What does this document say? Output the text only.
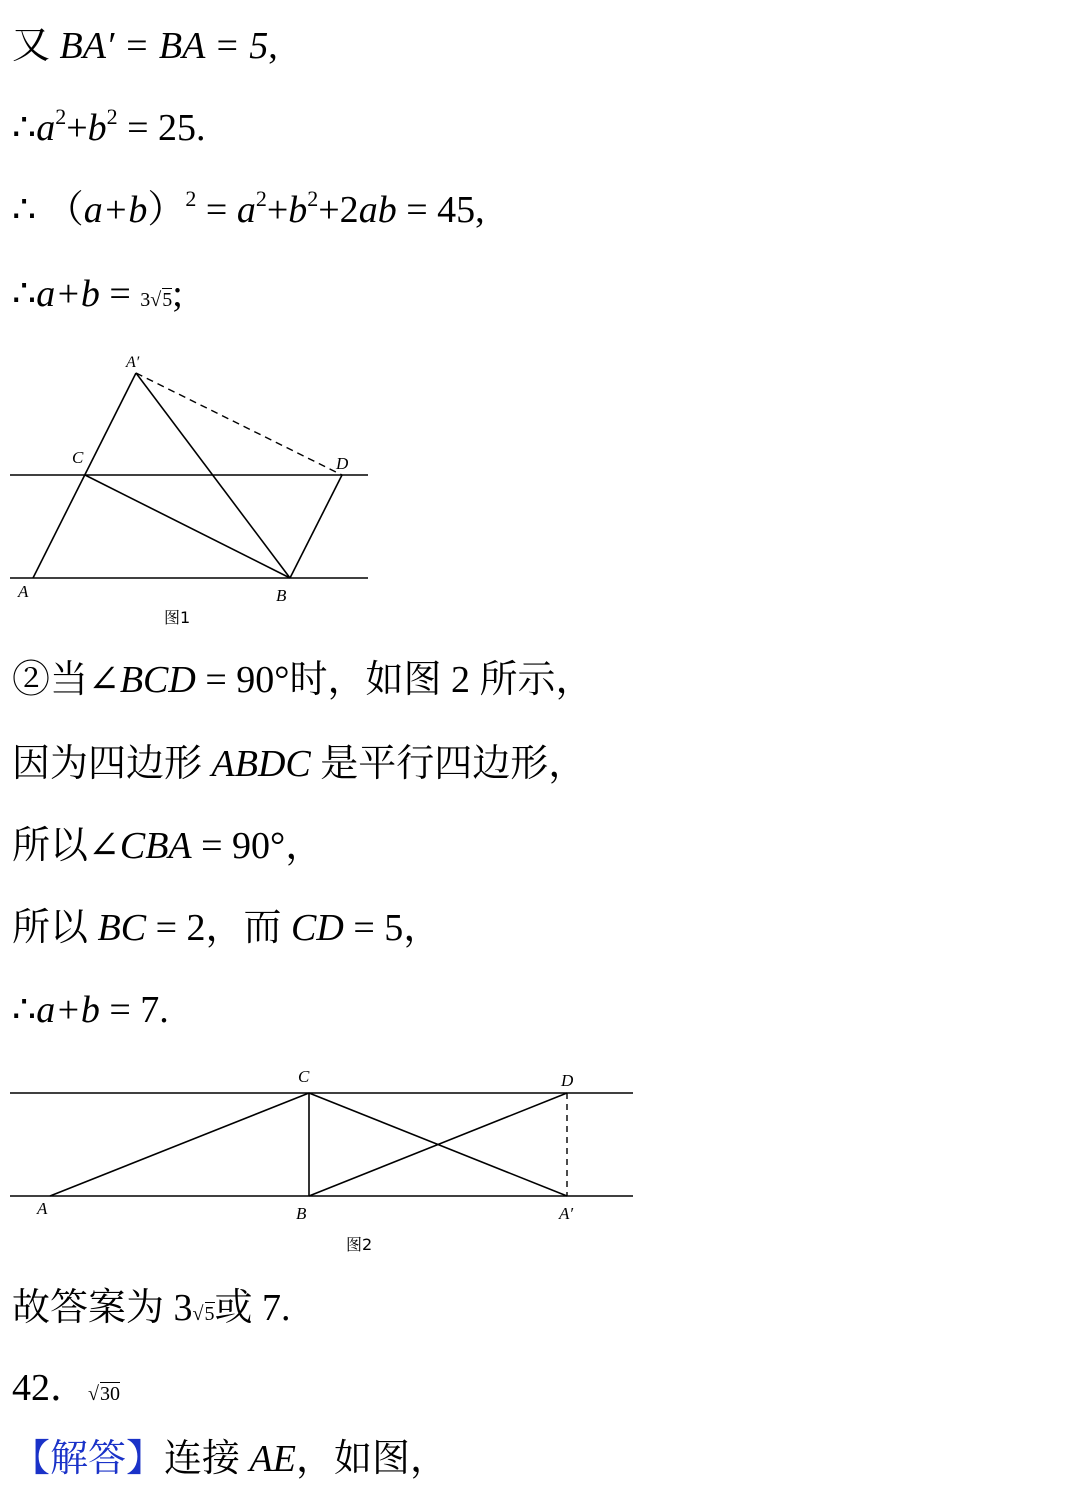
又 BA′ = BA = 5,
$\therefore a^2+b^2 = 25$.
∴ $(a+b)^2 = a^2+b^2+2ab = 45$,
∴a+b = 3√5;
A′
C	D
A	B
图1
②当∠BCD = 90°时，如图 2 所示，
因为四边形 ABDC 是平行四边形，
所以∠CBA = 90°，
所以 BC = 2，而 CD = 5，
∴a+b = 7.
C	D
A	B	A′
图2
故答案为 3√5或 7.
42．√30
【解答】连接 AE，如图，
